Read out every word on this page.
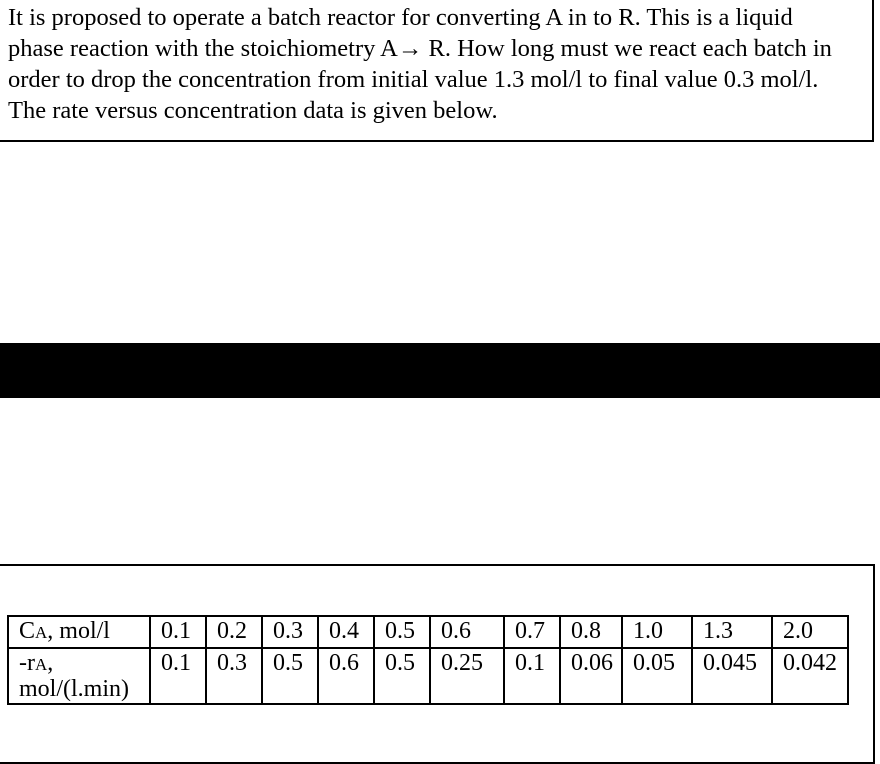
It is proposed to operate a batch reactor for converting A in to R. This is a liquid
phase reaction with the stoichiometry A→ R. How long must we react each batch in
order to drop the concentration from initial value 1.3 mol/l to final value 0.3 mol/l.
The rate versus concentration data is given below.

CA, mol/l	0.1	0.2	0.3	0.4	0.5	0.6	0.7	0.8	1.0	1.3	2.0
-rA,
mol/(l.min)	0.1	0.3	0.5	0.6	0.5	0.25	0.1	0.06	0.05	0.045	0.042
